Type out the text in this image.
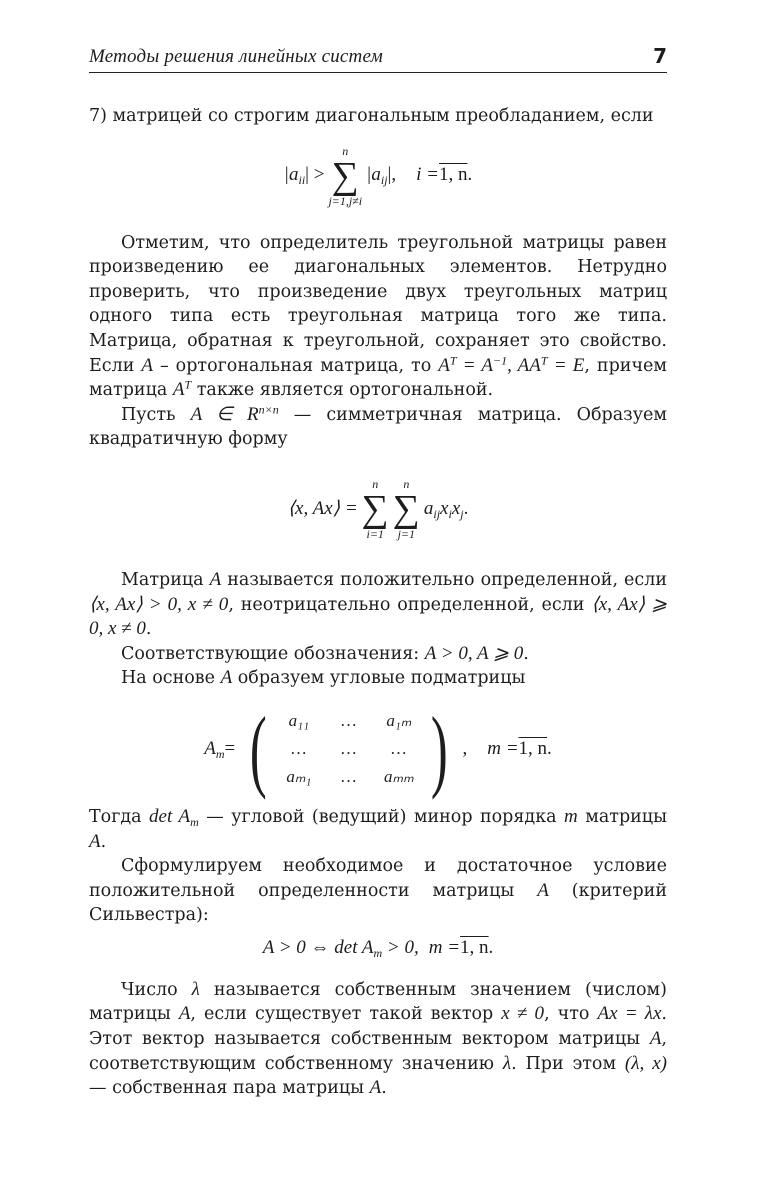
Методы решения линейных систем	7

7) матрицей со строгим диагональным преобладанием, если

$|a_{ii}$ | >
n
∑
j=1,j≠i
$|a_{ij}$ |, i = 1, n .

Отметим, что определитель треугольной матрицы равен произведению ее диагональных элементов. Нетрудно проверить, что произведение двух треугольных матриц одного типа есть треугольная матрица того же типа. Матрица, обратная к треугольной, сохраняет это свойство. Если A – ортогональная матрица, то $A^T = A^{-1}$, $AA^T = E$, причем матрица $A^T$ также является ортогональной.

Пусть A ∈ $R^{n\times n}$ — симметричная матрица. Образуем квадратичную форму

⟨x, Ax⟩ =
n
∑
i=1
n
∑
j=1
$a_{ij}x_ix_j$ .

Матрица A называется положительно определенной, если ⟨x, Ax⟩ > 0, x ≠ 0, неотрицательно определенной, если ⟨x, Ax⟩ ⩾ 0, x ≠ 0.

Соответствующие обозначения: A > 0, A ⩾ 0.

На основе A образуем угловые подматрицы

$A_m$ = (	a₁₁	…	a₁ₘ
…	…	…
aₘ₁	…	aₘₘ ) , m = 1, n .

Тогда $\det A_m$ — угловой (ведущий) минор порядка m матрицы A.

Сформулируем необходимое и достаточное условие положительной определенности матрицы A (критерий Сильвестра):

A > 0 ⇔ $\det A_m > 0$, m = 1, n .

Число λ называется собственным значением (числом) матрицы A, если существует такой вектор x ≠ 0, что Ax = λx. Этот вектор называется собственным вектором матрицы A, соответствующим собственному значению λ. При этом (λ, x) — собственная пара матрицы A.
